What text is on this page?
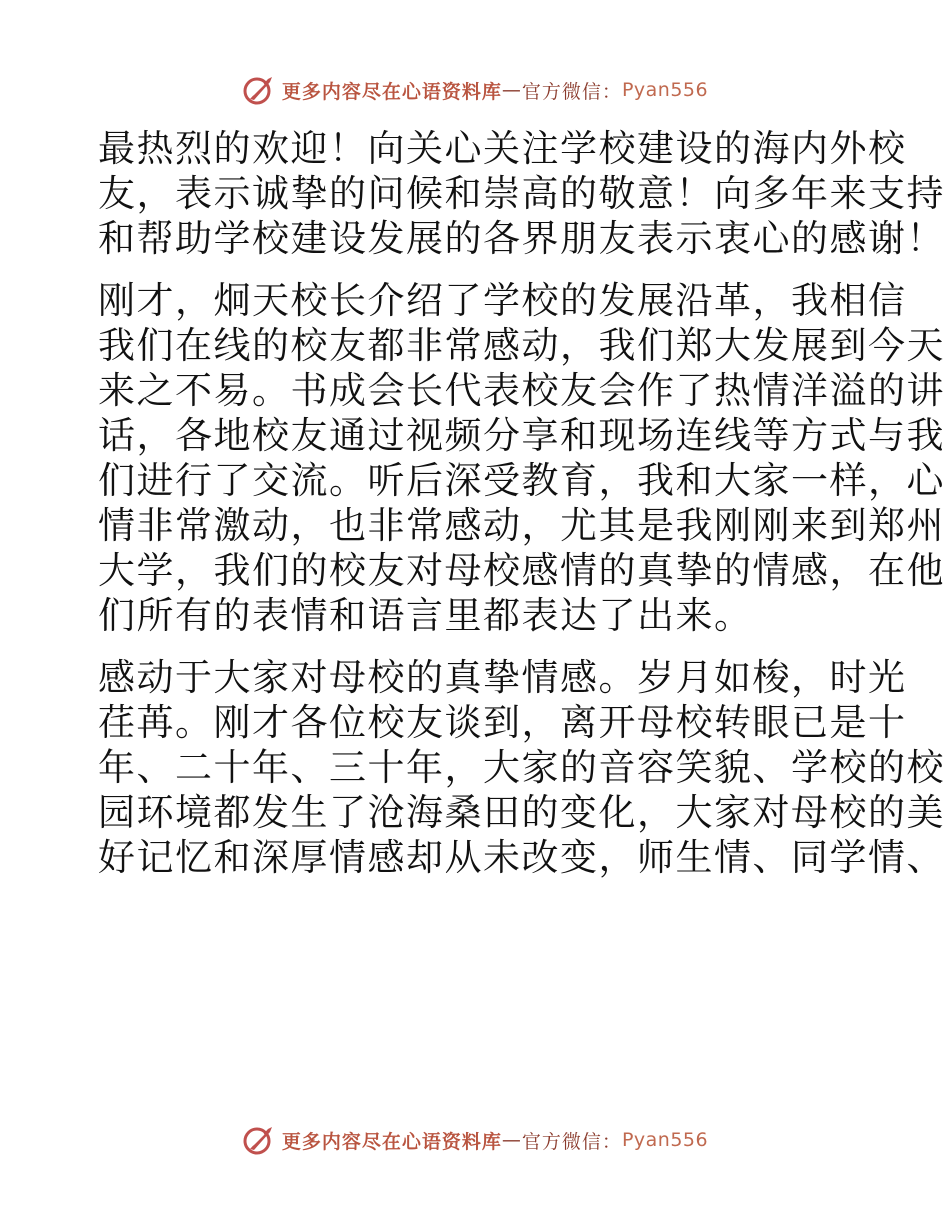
更多内容尽在心语资料库 — 官方微信： Pyan556

最热烈的欢迎！向关心关注学校建设的海内外校
友，表示诚挚的问候和崇高的敬意！向多年来支持
和帮助学校建设发展的各界朋友表示衷心的感谢！

刚才，炯天校长介绍了学校的发展沿革，我相信
我们在线的校友都非常感动，我们郑大发展到今天
来之不易。书成会长代表校友会作了热情洋溢的讲
话，各地校友通过视频分享和现场连线等方式与我
们进行了交流。听后深受教育，我和大家一样，心
情非常激动，也非常感动，尤其是我刚刚来到郑州
大学，我们的校友对母校感情的真挚的情感，在他
们所有的表情和语言里都表达了出来。

感动于大家对母校的真挚情感。岁月如梭，时光
荏苒。刚才各位校友谈到，离开母校转眼已是十
年、二十年、三十年，大家的音容笑貌、学校的校
园环境都发生了沧海桑田的变化，大家对母校的美
好记忆和深厚情感却从未改变，师生情、同学情、

更多内容尽在心语资料库 — 官方微信： Pyan556
